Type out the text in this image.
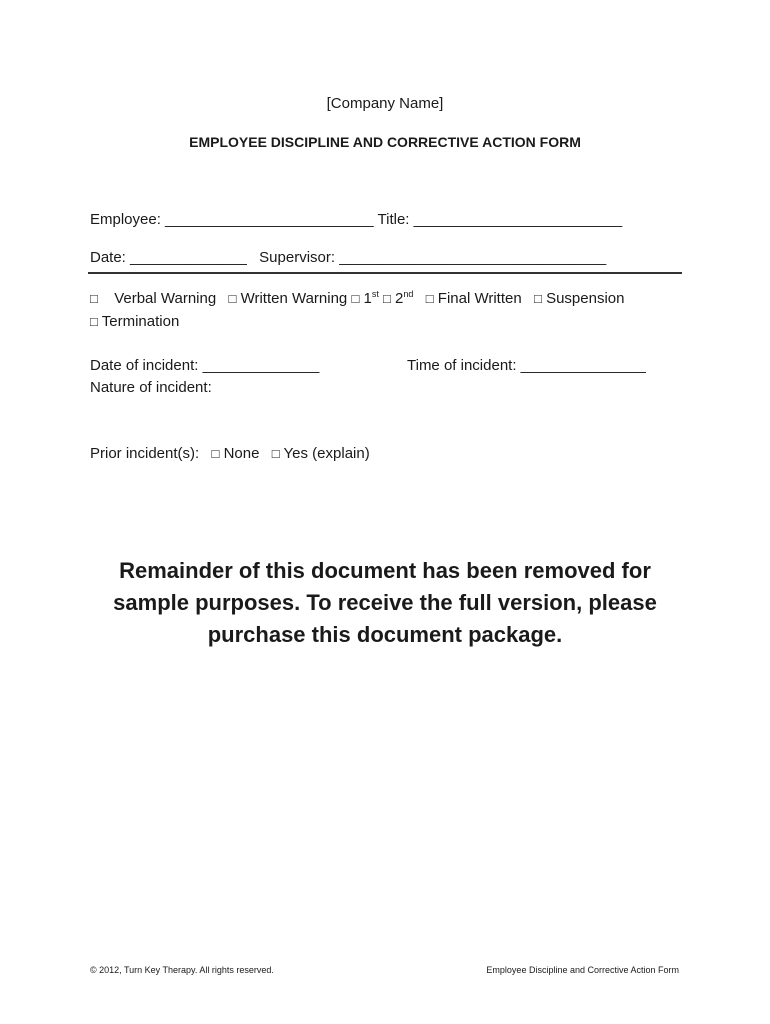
[Company Name]
EMPLOYEE DISCIPLINE AND CORRECTIVE ACTION FORM
Employee: _________________________ Title: _________________________
Date: ______________ Supervisor: ________________________________
□ Verbal Warning □ Written Warning □ 1st □ 2nd □ Final Written □ Suspension
□ Termination
Date of incident: ______________	Time of incident: _______________
Nature of incident:
Prior incident(s): □ None □ Yes (explain)
Remainder of this document has been removed for
sample purposes. To receive the full version, please
purchase this document package.
© 2012, Turn Key Therapy. All rights reserved.	Employee Discipline and Corrective Action Form
